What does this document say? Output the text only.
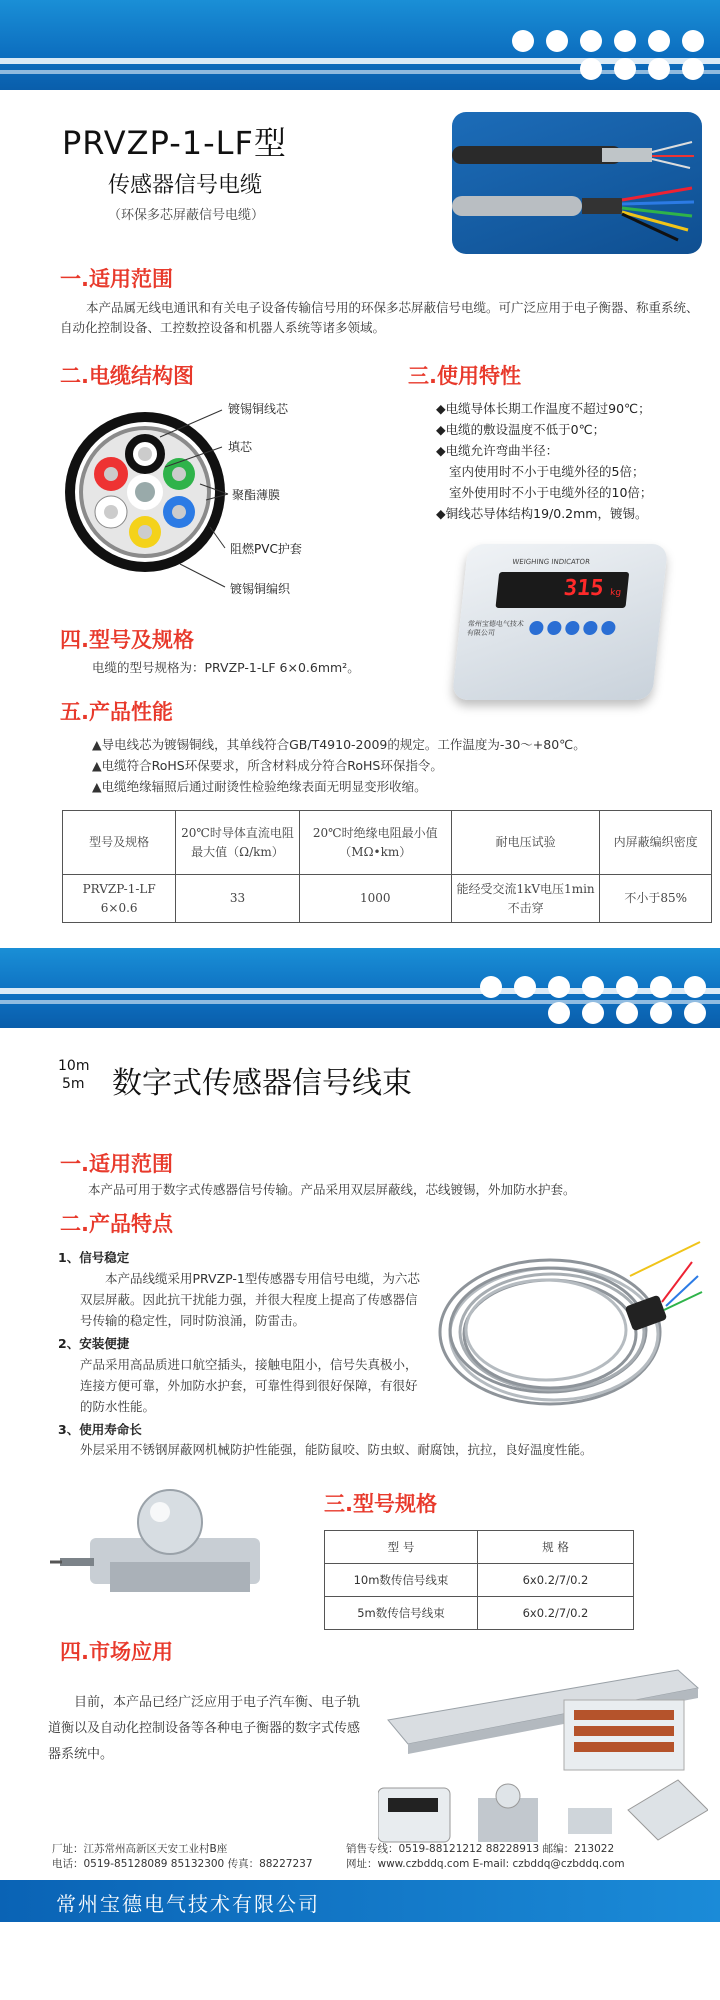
PRVZP-1-LF型
传感器信号电缆
（环保多芯屏蔽信号电缆）
一.适用范围
本产品属无线电通讯和有关电子设备传输信号用的环保多芯屏蔽信号电缆。可广泛应用于电子衡器、称重系统、自动化控制设备、工控数控设备和机器人系统等诸多领域。
二.电缆结构图
镀锡铜线芯
填芯
聚酯薄膜
阻燃PVC护套
镀锡铜编织
三.使用特性
◆电缆导体长期工作温度不超过90℃；
◆电缆的敷设温度不低于0℃；
◆电缆允许弯曲半径：
室内使用时不小于电缆外径的5倍；
室外使用时不小于电缆外径的10倍；
◆铜线芯导体结构19/0.2mm，镀锡。
WEIGHING INDICATOR
315 kg
常州宝德电气技术有限公司
四.型号及规格
电缆的型号规格为：PRVZP-1-LF 6×0.6mm²。
五.产品性能
▲导电线芯为镀锡铜线，其单线符合GB/T4910-2009的规定。工作温度为-30～+80℃。
▲电缆符合RoHS环保要求，所含材料成分符合RoHS环保指令。
▲电缆绝缘辐照后通过耐烫性检验绝缘表面无明显变形收缩。
型号及规格	20℃时导体直流电阻最大值（Ω/km）	20℃时绝缘电阻最小值（MΩ•km）	耐电压试验	内屏蔽编织密度
PRVZP-1-LF 6×0.6	33	1000	能经受交流1kV电压1min不击穿	不小于85%
10m
5m 数字式传感器信号线束
一.适用范围
本产品可用于数字式传感器信号传输。产品采用双层屏蔽线，芯线镀锡，外加防水护套。
二.产品特点
1、信号稳定
本产品线缆采用PRVZP-1型传感器专用信号电缆，为六芯双层屏蔽。因此抗干扰能力强，并很大程度上提高了传感器信号传输的稳定性，同时防浪涌，防雷击。
2、安装便捷
产品采用高品质进口航空插头，接触电阻小，信号失真极小，连接方便可靠，外加防水护套，可靠性得到很好保障，有很好的防水性能。
3、使用寿命长
外层采用不锈钢屏蔽网机械防护性能强，能防鼠咬、防虫蚁、耐腐蚀，抗拉，良好温度性能。
三.型号规格
型 号	规 格
10m数传信号线束	6x0.2/7/0.2
5m数传信号线束	6x0.2/7/0.2
四.市场应用
目前，本产品已经广泛应用于电子汽车衡、电子轨道衡以及自动化控制设备等各种电子衡器的数字式传感器系统中。
厂址：江苏常州高新区天安工业村B座
电话：0519-85128089 85132300 传真：88227237
销售专线：0519-88121212 88228913 邮编：213022
网址：www.czbddq.com E-mail: czbddq@czbddq.com
常州宝德电气技术有限公司
